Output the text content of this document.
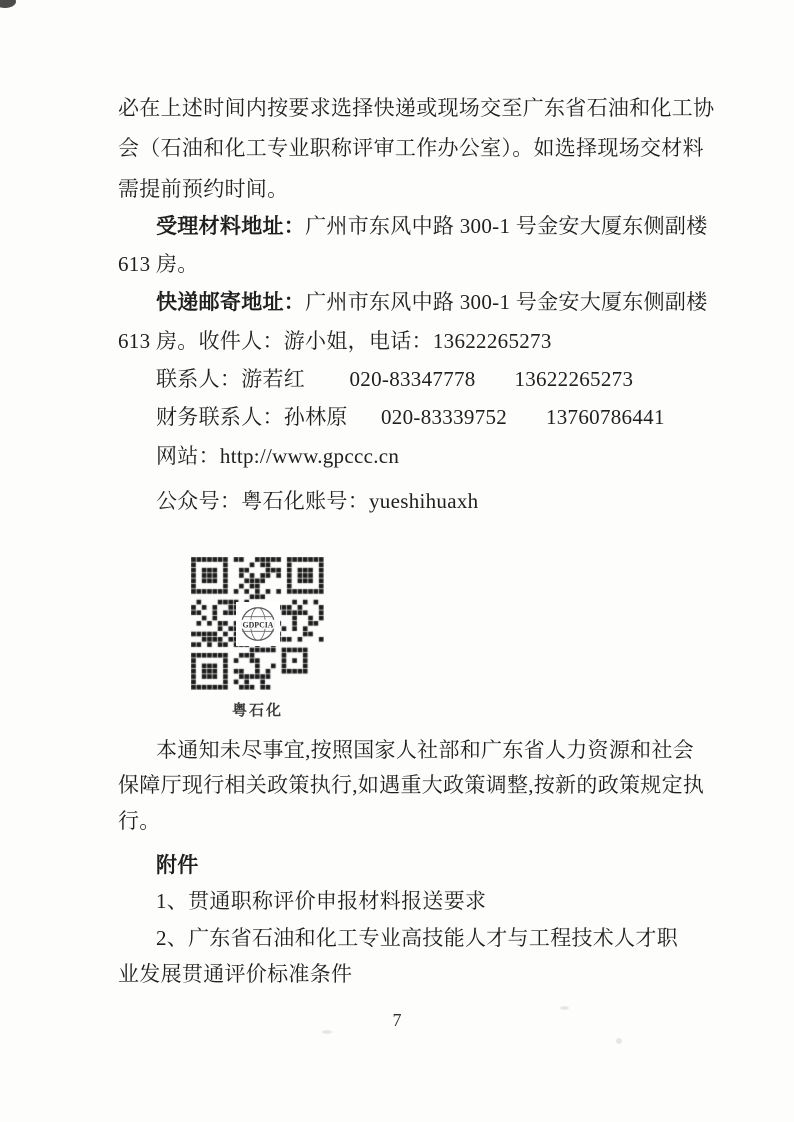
必在上述时间内按要求选择快递或现场交至广东省石油和化工协
会（石油和化工专业职称评审工作办公室）。如选择现场交材料
需提前预约时间。
受理材料地址：广州市东风中路 300-1 号金安大厦东侧副楼
613 房。
快递邮寄地址：广州市东风中路 300-1 号金安大厦东侧副楼
613 房。收件人：游小姐，电话：13622265273
联系人：游若红        020-83347778       13622265273
财务联系人：孙林原      020-83339752       13760786441
网站：http://www.gpccc.cn
公众号：粤石化账号：yueshihuaxh
GDPCIA
粤石化
本通知未尽事宜,按照国家人社部和广东省人力资源和社会
保障厅现行相关政策执行,如遇重大政策调整,按新的政策规定执
行。
附件
1、贯通职称评价申报材料报送要求
2、广东省石油和化工专业高技能人才与工程技术人才职
业发展贯通评价标准条件
7
